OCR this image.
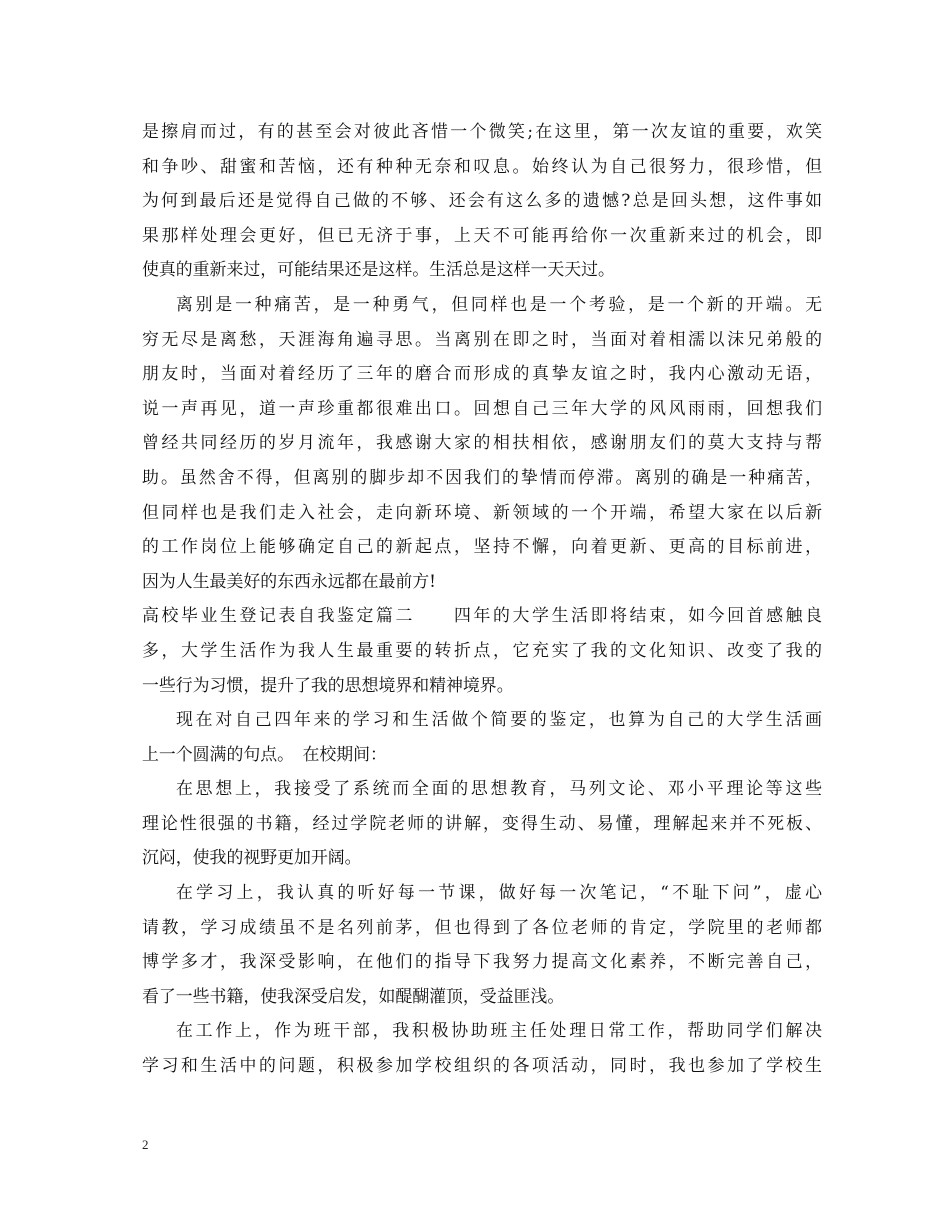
是擦肩而过，有的甚至会对彼此吝惜一个微笑;在这里，第一次友谊的重要，欢笑
和争吵、甜蜜和苦恼，还有种种无奈和叹息。始终认为自己很努力，很珍惜，但
为何到最后还是觉得自己做的不够、还会有这么多的遗憾?总是回头想，这件事如
果那样处理会更好，但已无济于事，上天不可能再给你一次重新来过的机会，即
使真的重新来过，可能结果还是这样。生活总是这样一天天过。
离别是一种痛苦，是一种勇气，但同样也是一个考验，是一个新的开端。无
穷无尽是离愁，天涯海角遍寻思。当离别在即之时，当面对着相濡以沫兄弟般的
朋友时，当面对着经历了三年的磨合而形成的真挚友谊之时，我内心激动无语，
说一声再见，道一声珍重都很难出口。回想自己三年大学的风风雨雨，回想我们
曾经共同经历的岁月流年，我感谢大家的相扶相依，感谢朋友们的莫大支持与帮
助。虽然舍不得，但离别的脚步却不因我们的挚情而停滞。离别的确是一种痛苦，
但同样也是我们走入社会，走向新环境、新领域的一个开端，希望大家在以后新
的工作岗位上能够确定自己的新起点，坚持不懈，向着更新、更高的目标前进，
因为人生最美好的东西永远都在最前方!
高校毕业生登记表自我鉴定篇二　　四年的大学生活即将结束，如今回首感触良
多，大学生活作为我人生最重要的转折点，它充实了我的文化知识、改变了我的
一些行为习惯，提升了我的思想境界和精神境界。
现在对自己四年来的学习和生活做个简要的鉴定，也算为自己的大学生活画
上一个圆满的句点。　在校期间：
在思想上，我接受了系统而全面的思想教育，马列文论、邓小平理论等这些
理论性很强的书籍，经过学院老师的讲解，变得生动、易懂，理解起来并不死板、
沉闷，使我的视野更加开阔。
在学习上，我认真的听好每一节课，做好每一次笔记，“不耻下问”，虚心
请教，学习成绩虽不是名列前茅，但也得到了各位老师的肯定，学院里的老师都
博学多才，我深受影响，在他们的指导下我努力提高文化素养，不断完善自己，
看了一些书籍，使我深受启发，如醍醐灌顶，受益匪浅。
在工作上，作为班干部，我积极协助班主任处理日常工作，帮助同学们解决
学习和生活中的问题，积极参加学校组织的各项活动，同时，我也参加了学校生
2
